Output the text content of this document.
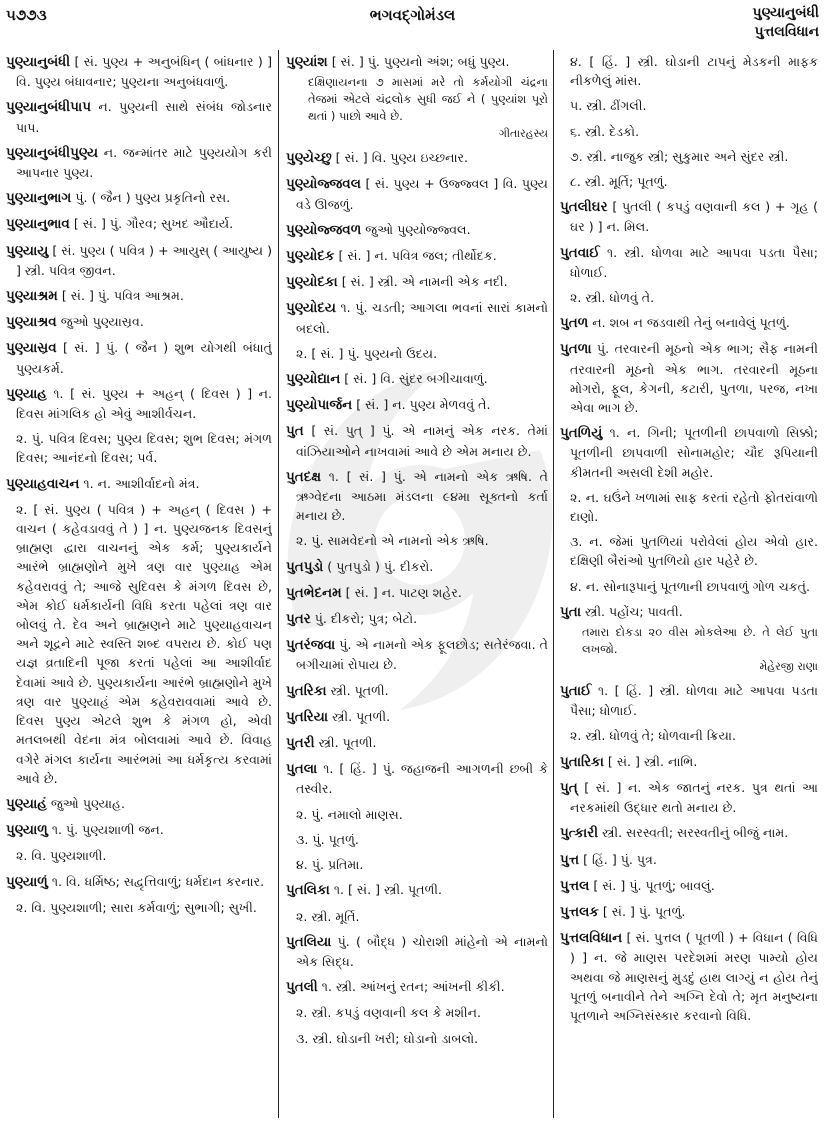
૫૭૭૩	ભગવદ્ગોમંડલ	પુણ્યાનુબંધી
પુત્તલવિધાન
પુણ્યાનુબંધી [ સં. પુણ્ય + અનુબંધિન્ ( બાંધનાર ) ] વિ. પુણ્ય બંધાવનાર; પુણ્યના અનુબંધવાળું.
પુણ્યાનુબંધીપાપ ન. પુણ્યની સાથે સંબંધ જોડનાર પાપ.
પુણ્યાનુબંધીપુણ્ય ન. જન્માંતર માટે પુણ્યયોગ કરી આપનાર પુણ્ય.
પુણ્યાનુભાગ પું. ( જૈન ) પુણ્ય પ્રકૃતિનો રસ.
પુણ્યાનુભાવ [ સં. ] પું. ગૌરવ; સુખદ ઔદાર્ય.
પુણ્યાયુ [ સં. પુણ્ય ( પવિત્ર ) + આયુસ્ ( આયુષ્ય ) ] સ્ત્રી. પવિત્ર જીવન.
પુણ્યાશ્રમ [ સં. ] પું. પવિત્ર આશ્રમ.
પુણ્યાશ્રવ જુઓ પુણ્યાસ્રવ.
પુણ્યાસ્રવ [ સં. ] પું. ( જૈન ) શુભ યોગથી બંધાતું પુણ્યકર્મ.
પુણ્યાહ ૧. [ સં. પુણ્ય + અહન્ ( દિવસ ) ] ન. દિવસ માંગલિક હો એવું આશીર્વચન.
૨. પું. પવિત્ર દિવસ; પુણ્ય દિવસ; શુભ દિવસ; મંગળ દિવસ; આનંદનો દિવસ; પર્વ.
પુણ્યાહવાચન ૧. ન. આશીર્વાદનો મંત્ર.
૨. [ સં. પુણ્ય ( પવિત્ર ) + અહન્ ( દિવસ ) + વાચન ( કહેવડાવવું તે ) ] ન. પુણ્યજનક દિવસનું બ્રાહ્મણ દ્વારા વાચનનું એક કર્મ; પુણ્યકાર્યને આરંભે બ્રાહ્મણોને મુખે ત્રણ વાર પુણ્યાહ એમ કહેવરાવવું તે; આજે સુદિવસ કે મંગળ દિવસ છે, એમ કોઈ ધર્મકાર્યની વિધિ કરતા પહેલાં ત્રણ વાર બોલવું તે. દેવ અને બ્રાહ્મણને માટે પુણ્યાહવાચન અને શૂદ્રને માટે સ્વસ્તિ શબ્દ વપરાય છે. કોઈ પણ યજ્ઞ વ્રતાદિની પૂજા કરતાં પહેલાં આ આશીર્વાદ દેવામાં આવે છે. પુણ્યકાર્યના આરંભે બ્રાહ્મણોને મુખે ત્રણ વાર પુણ્યાહં એમ કહેવરાવવામાં આવે છે. દિવસ પુણ્ય એટલે શુભ કે મંગળ હો, એવી મતલબથી વેદના મંત્ર બોલવામાં આવે છે. વિવાહ વગેરે મંગલ કાર્યના આરંભમાં આ ધર્મકૃત્ય કરવામાં આવે છે.
પુણ્યાહં જુઓ પુણ્યાહ.
પુણ્યાળુ ૧. પું. પુણ્યશાળી જન.
૨. વિ. પુણ્યશાળી.
પુણ્યાળું ૧. વિ. ધર્મિષ્ઠ; સદ્વૃત્તિવાળું; ધર્મદાન કરનાર.
૨. વિ. પુણ્યશાળી; સારા કર્મવાળું; સુભાગી; સુખી.
પુણ્યાંશ [ સં. ] પું. પુણ્યનો અંશ; બધું પુણ્ય.
દક્ષિણાયનના ૭ માસમાં મરે તો કર્મયોગી ચંદ્રના તેજમાં એટલે ચંદ્રલોક સુધી જઈ ને ( પુણ્યાંશ પૂરો થતાં ) પાછો આવે છે.
ગીતારહસ્ય
પુણ્યેચ્છુ [ સં. ] વિ. પુણ્ય ઇચ્છનાર.
પુણ્યોજ્જવલ [ સં. પુણ્ય + ઉજ્જ્વલ ] વિ. પુણ્ય વડે ઊજળું.
પુણ્યોજ્જવળ જુઓ પુણ્યોજ્જ્વલ.
પુણ્યોદક [ સં. ] ન. પવિત્ર જલ; તીર્થોદક.
પુણ્યોદકા [ સં. ] સ્ત્રી. એ નામની એક નદી.
પુણ્યોદય ૧. પું. ચડતી; આગલા ભવનાં સારાં કામનો બદલો.
૨. [ સં. ] પું. પુણ્યનો ઉદય.
પુણ્યોદ્યાન [ સં. ] વિ. સુંદર બગીચાવાળું.
પુણ્યોપાર્જન [ સં. ] ન. પુણ્ય મેળવવું તે.
પુત [ સં. પુત્ ] પું. એ નામનું એક નરક. તેમાં વાંઝિયાઓને નાખવામાં આવે છે એમ મનાય છે.
પુતદક્ષ ૧. [ સં. ] પું. એ નામનો એક ઋષિ. તે ઋગ્વેદના આઠમા મંડલના ૯૪મા સૂક્તનો કર્તા મનાય છે.
૨. પું. સામવેદનો એ નામનો એક ઋષિ.
પુતપુડો ( પુતપુડો ) પું. દીકરો.
પુતભેદનમ [ સં. ] ન. પાટણ શહેર.
પુતર પું. દીકરો; પુત્ર; બેટો.
પુતરંજવા પું. એ નામનો એક ફૂલછોડ; સતેરંજવા. તે બગીચામાં રોપાય છે.
પુતરિકા સ્ત્રી. પૂતળી.
પુતરિયા સ્ત્રી. પૂતળી.
પુતરી સ્ત્રી. પૂતળી.
પુતલા ૧. [ હિં. ] પું. જહાજની આગળની છબી કે તસ્વીર.
૨. પું. નમાલો માણસ.
૩. પું. પૂતળું.
૪. પું. પ્રતિમા.
પુતલિકા ૧. [ સં. ] સ્ત્રી. પૂતળી.
૨. સ્ત્રી. મૂર્તિ.
પુતલિયા પું. ( બૌદ્ધ ) ચોરાશી માંહેનો એ નામનો એક સિદ્ધ.
પુતલી ૧. સ્ત્રી. આંખનું રતન; આંખની કીકી.
૨. સ્ત્રી. કપડું વણવાની કલ કે મશીન.
૩. સ્ત્રી. ઘોડાની ખરી; ઘોડાનો ડાબલો.
૪. [ હિં. ] સ્ત્રી. ઘોડાની ટાપનું મેડકની માફક નીકળેલું માંસ.
૫. સ્ત્રી. ઢીંગલી.
૬. સ્ત્રી. દેડકો.
૭. સ્ત્રી. નાજુક સ્ત્રી; સુકુમાર અને સુંદર સ્ત્રી.
૮. સ્ત્રી. મૂર્તિ; પૂતળું.
પુતલીઘર [ પુતલી ( કપડું વણવાની કલ ) + ગૃહ ( ઘર ) ] ન. મિલ.
પુતવાઈ ૧. સ્ત્રી. ધોળવા માટે આપવા પડતા પૈસા; ધોળાઈ.
૨. સ્ત્રી. ધોળવું તે.
પુતળ ન. શબ ન જડવાથી તેનું બનાવેલું પૂતળું.
પુતળા પું. તરવારની મૂઠનો એક ભાગ; સૈફ નામની તરવારની મૂઠનો એક ભાગ. તરવારની મૂઠના મોગરો, ફૂલ, કેગની, કટારી, પુતળા, પરજ, નખા એવા ભાગ છે.
પુતળિયું ૧. ન. ગિની; પૂતળીની છાપવાળો સિક્કો; પૂતળીની છાપવાળી સોનામહોર; ચૌદ રૂપિયાની કીમતની અસલી દેશી મહોર.
૨. ન. ઘઉંને ખળામાં સાફ કરતાં રહેતો ફોતરાંવાળો દાણો.
૩. ન. જેમાં પુતળિયાં પરોવેલાં હોય એવો હાર. દક્ષિણી બૈરાંઓ પુતળિયો હાર પહેરે છે.
૪. ન. સોનારૂપાનું પૂતળાની છાપવાળું ગોળ ચકતું.
પુતા સ્ત્રી. પહોંચ; પાવતી.
તમારા દોકડા ૨૦ વીસ મોકલેઆ છે. તે લેઈ પુતા લખજો.
મેહેરજી રાણા
પુતાઈ ૧. [ હિં. ] સ્ત્રી. ધોળવા માટે આપવા પડતા પૈસા; ધોળાઈ.
૨. સ્ત્રી. ધોળવું તે; ધોળવાની ક્રિયા.
પુતારિકા [ સં. ] સ્ત્રી. નાભિ.
પુત્ [ સં. ] ન. એક જાતનું નરક. પુત્ર થતાં આ નરકમાંથી ઉદ્ધાર થતો મનાય છે.
પુત્કારી સ્ત્રી. સરસ્વતી; સરસ્વતીનું બીજું નામ.
પુત્ત [ હિં. ] પું. પુત્ર.
પુત્તલ [ સં. ] પું. પૂતળું; બાવલું.
પુત્તલક [ સં. ] પું. પૂતળું.
પુત્તલવિધાન [ સં. પુત્તલ ( પૂતળી ) + વિધાન ( વિધિ ) ] ન. જે માણસ પરદેશમાં મરણ પામ્યો હોય અથવા જે માણસનું મુડદું હાથ લાગ્યું ન હોય તેનું પૂતળું બનાવીને તેને અગ્નિ દેવો તે; મૃત મનુષ્યના પૂતળાને અગ્નિસંસ્કાર કરવાનો વિધિ.
